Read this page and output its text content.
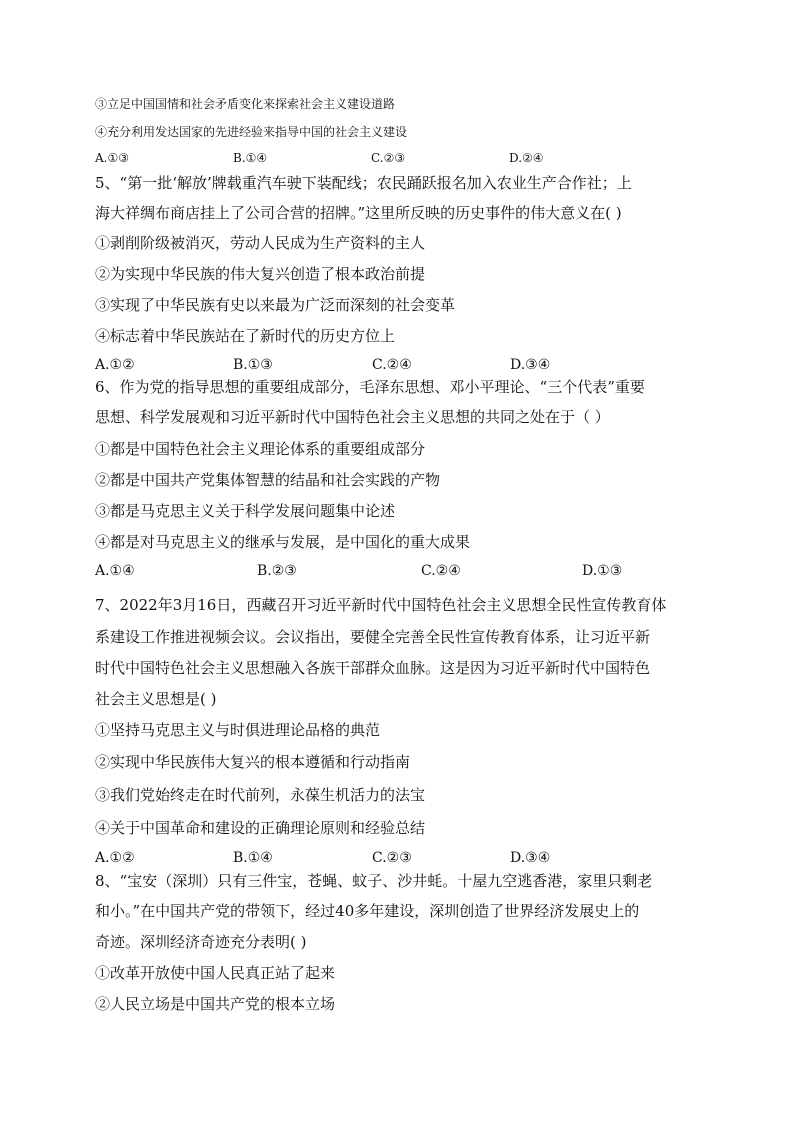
③立足中国国情和社会矛盾变化来探索社会主义建设道路
④充分利用发达国家的先进经验来指导中国的社会主义建设
A.①③	B.①④	C.②③	D.②④
5、“第一批‘解放’牌载重汽车驶下装配线；农民踊跃报名加入农业生产合作社；上
海大祥绸布商店挂上了公司合营的招牌。”这里所反映的历史事件的伟大意义在( )
①剥削阶级被消灭，劳动人民成为生产资料的主人
②为实现中华民族的伟大复兴创造了根本政治前提
③实现了中华民族有史以来最为广泛而深刻的社会变革
④标志着中华民族站在了新时代的历史方位上
A.①②	B.①③	C.②④	D.③④
6、作为党的指导思想的重要组成部分，毛泽东思想、邓小平理论、“三个代表”重要
思想、科学发展观和习近平新时代中国特色社会主义思想的共同之处在于（ ）
①都是中国特色社会主义理论体系的重要组成部分
②都是中国共产党集体智慧的结晶和社会实践的产物
③都是马克思主义关于科学发展问题集中论述
④都是对马克思主义的继承与发展，是中国化的重大成果
A.①④	B.②③	C.②④	D.①③
7、2022年3月16日，西藏召开习近平新时代中国特色社会主义思想全民性宣传教育体
系建设工作推进视频会议。会议指出，要健全完善全民性宣传教育体系，让习近平新
时代中国特色社会主义思想融入各族干部群众血脉。这是因为习近平新时代中国特色
社会主义思想是( )
①坚持马克思主义与时俱进理论品格的典范
②实现中华民族伟大复兴的根本遵循和行动指南
③我们党始终走在时代前列，永葆生机活力的法宝
④关于中国革命和建设的正确理论原则和经验总结
A.①②	B.①④	C.②③	D.③④
8、“宝安（深圳）只有三件宝，苍蝇、蚊子、沙井蚝。十屋九空逃香港，家里只剩老
和小。”在中国共产党的带领下，经过40多年建设，深圳创造了世界经济发展史上的
奇迹。深圳经济奇迹充分表明( )
①改革开放使中国人民真正站了起来
②人民立场是中国共产党的根本立场
